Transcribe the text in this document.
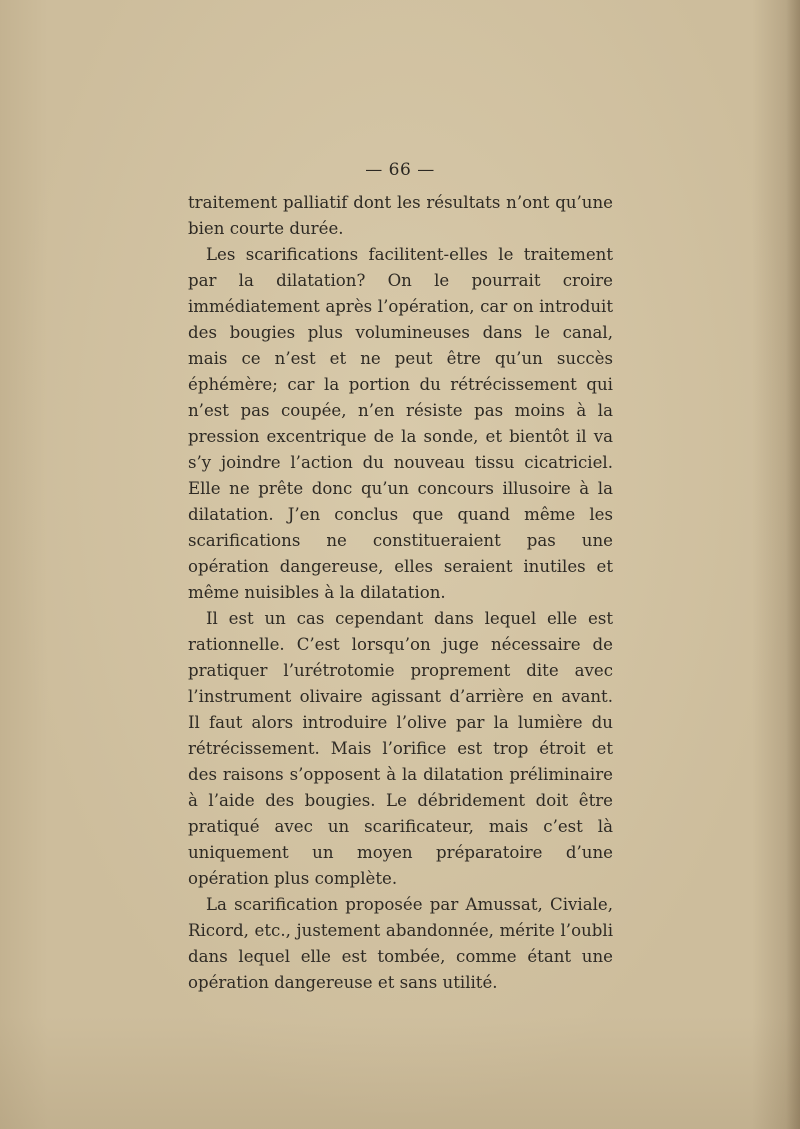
— 66 —

traitement palliatif dont les résultats n’ont qu’une bien courte durée.

Les scarifications facilitent-elles le traitement par la dilatation? On le pourrait croire immédiatement après l’opération, car on introduit des bougies plus volumineuses dans le canal, mais ce n’est et ne peut être qu’un succès éphémère; car la portion du rétrécissement qui n’est pas coupée, n’en résiste pas moins à la pression excentrique de la sonde, et bientôt il va s’y joindre l’action du nouveau tissu cicatriciel. Elle ne prête donc qu’un concours illusoire à la dilatation. J’en conclus que quand même les scarifications ne constitueraient pas une opération dangereuse, elles seraient inutiles et même nuisibles à la dilatation.

Il est un cas cependant dans lequel elle est rationnelle. C’est lorsqu’on juge nécessaire de pratiquer l’urétrotomie proprement dite avec l’instrument olivaire agissant d’arrière en avant. Il faut alors introduire l’olive par la lumière du rétrécissement. Mais l’orifice est trop étroit et des raisons s’opposent à la dilatation préliminaire à l’aide des bougies. Le débridement doit être pratiqué avec un scarificateur, mais c’est là uniquement un moyen préparatoire d’une opération plus complète.

La scarification proposée par Amussat, Civiale, Ricord, etc., justement abandonnée, mérite l’oubli dans lequel elle est tombée, comme étant une opération dangereuse et sans utilité.
